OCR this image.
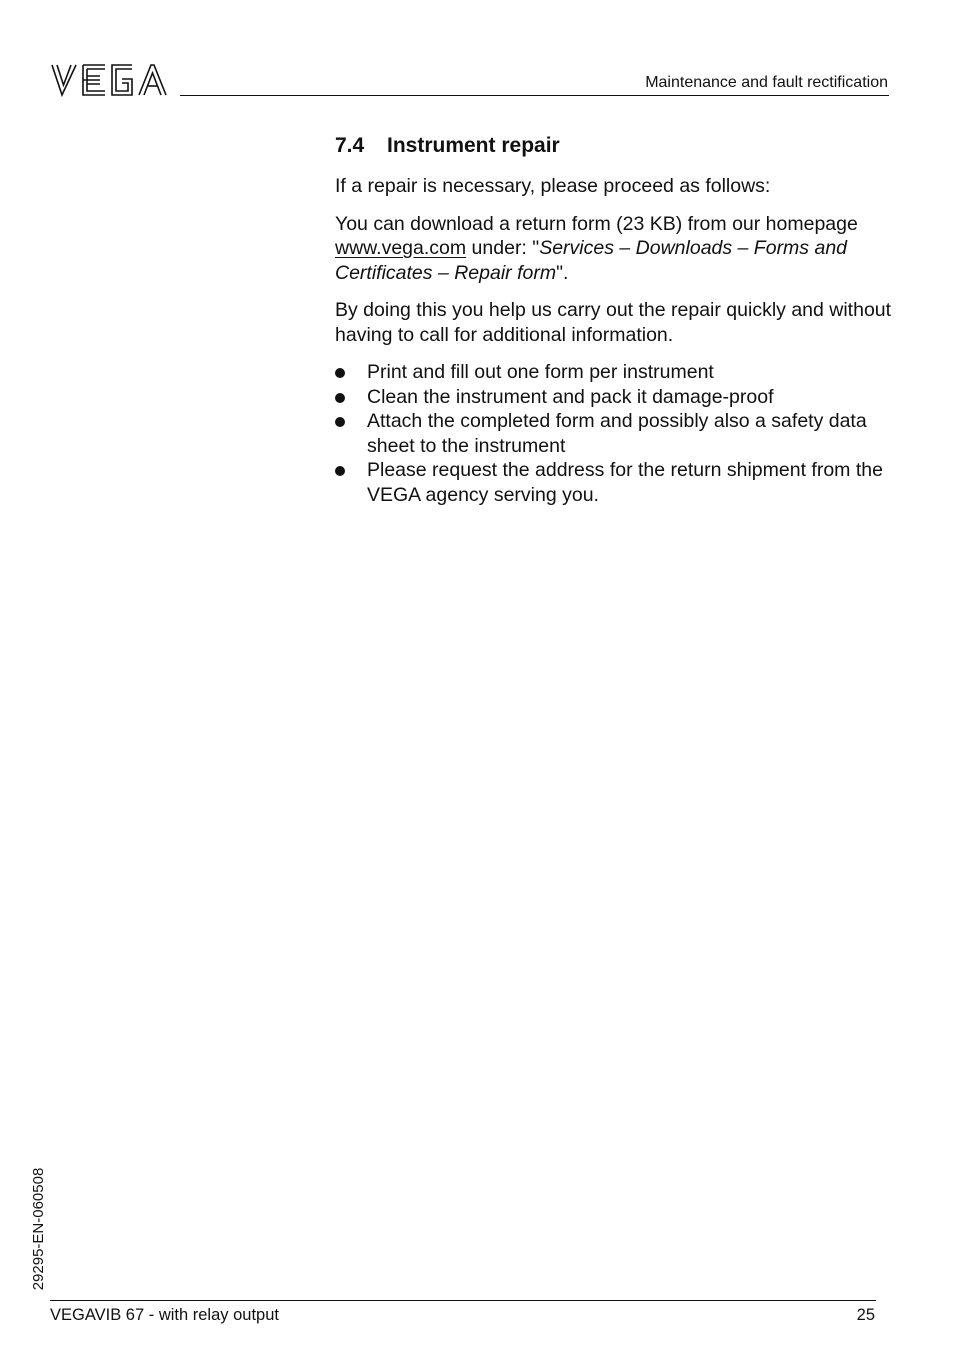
Maintenance and fault rectification
7.4 Instrument repair

If a repair is necessary, please proceed as follows:

You can download a return form (23 KB) from our homepage www.vega.com under: "Services – Downloads – Forms and Certificates – Repair form".

By doing this you help us carry out the repair quickly and without having to call for additional information.

Print and fill out one form per instrument
Clean the instrument and pack it damage-proof
Attach the completed form and possibly also a safety data sheet to the instrument
Please request the address for the return shipment from the VEGA agency serving you.
29295-EN-060508
VEGAVIB 67 - with relay output	25
